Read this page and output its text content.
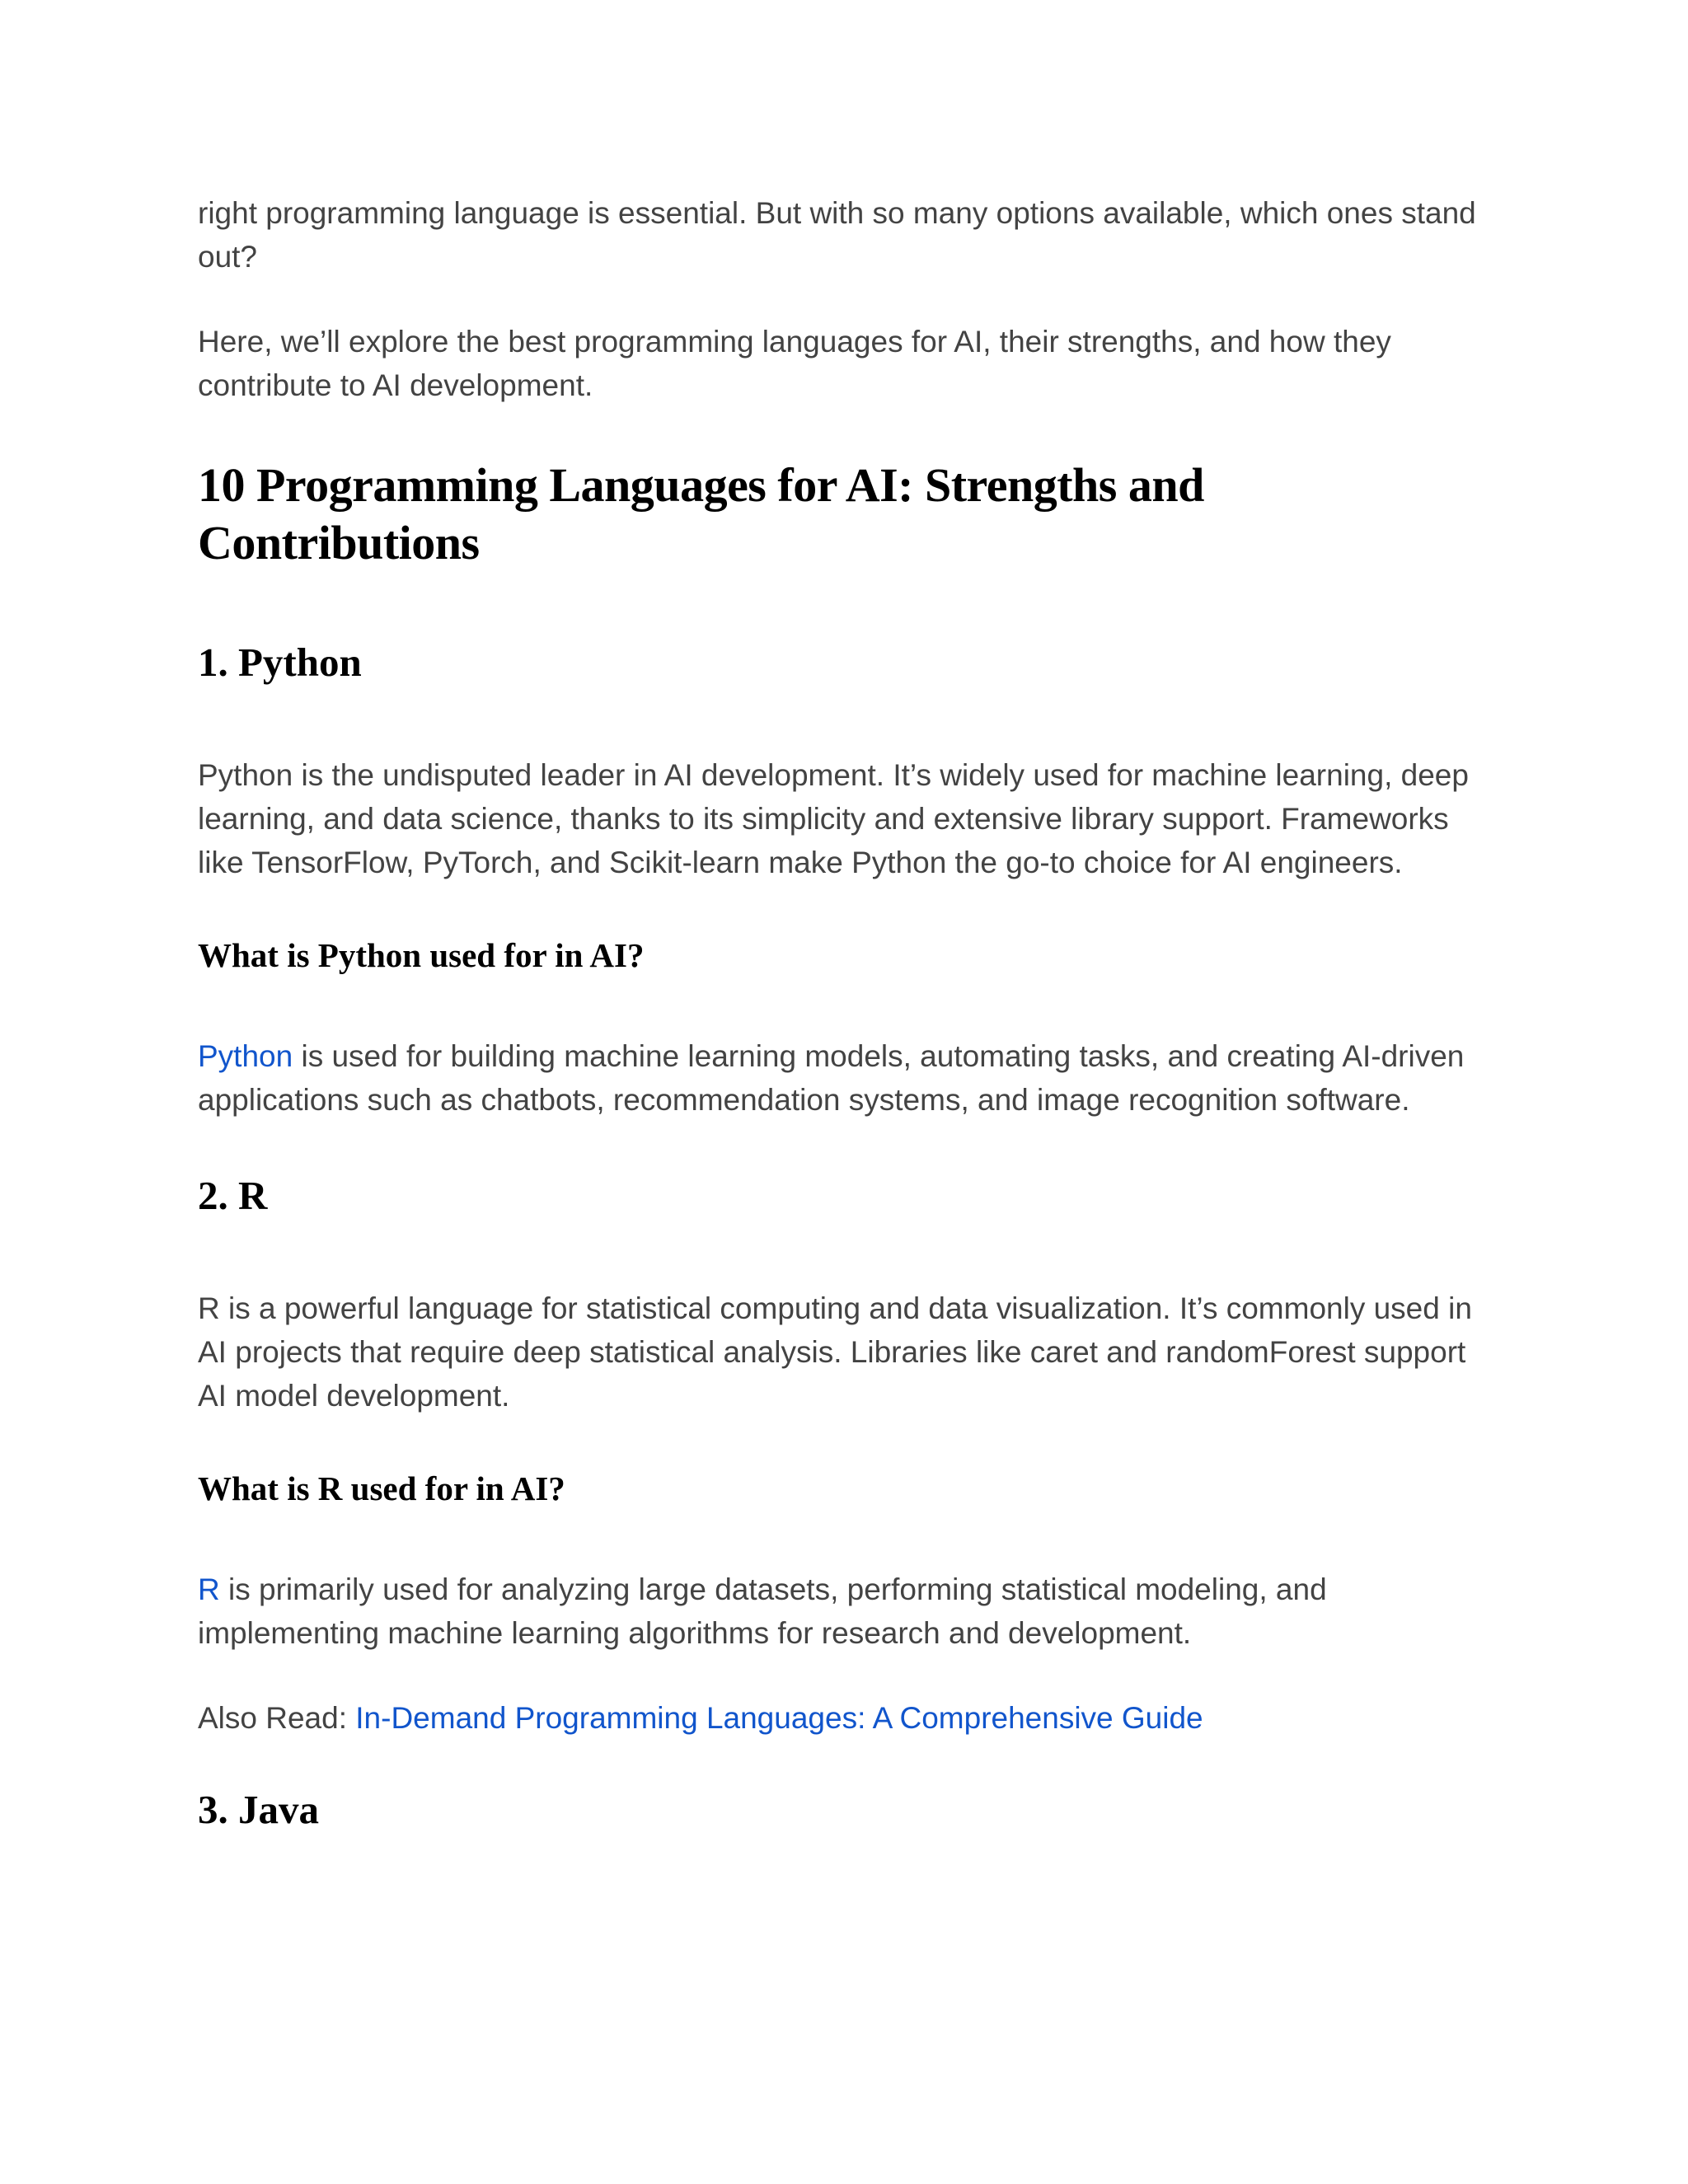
right programming language is essential. But with so many options available, which ones stand out?

Here, we’ll explore the best programming languages for AI, their strengths, and how they contribute to AI development.

10 Programming Languages for AI: Strengths and Contributions
1. Python

Python is the undisputed leader in AI development. It’s widely used for machine learning, deep learning, and data science, thanks to its simplicity and extensive library support. Frameworks like TensorFlow, PyTorch, and Scikit-learn make Python the go-to choice for AI engineers.

What is Python used for in AI?

Python is used for building machine learning models, automating tasks, and creating AI-driven applications such as chatbots, recommendation systems, and image recognition software.

2. R

R is a powerful language for statistical computing and data visualization. It’s commonly used in AI projects that require deep statistical analysis. Libraries like caret and randomForest support AI model development.

What is R used for in AI?

R is primarily used for analyzing large datasets, performing statistical modeling, and implementing machine learning algorithms for research and development.

Also Read: In-Demand Programming Languages: A Comprehensive Guide

3. Java
